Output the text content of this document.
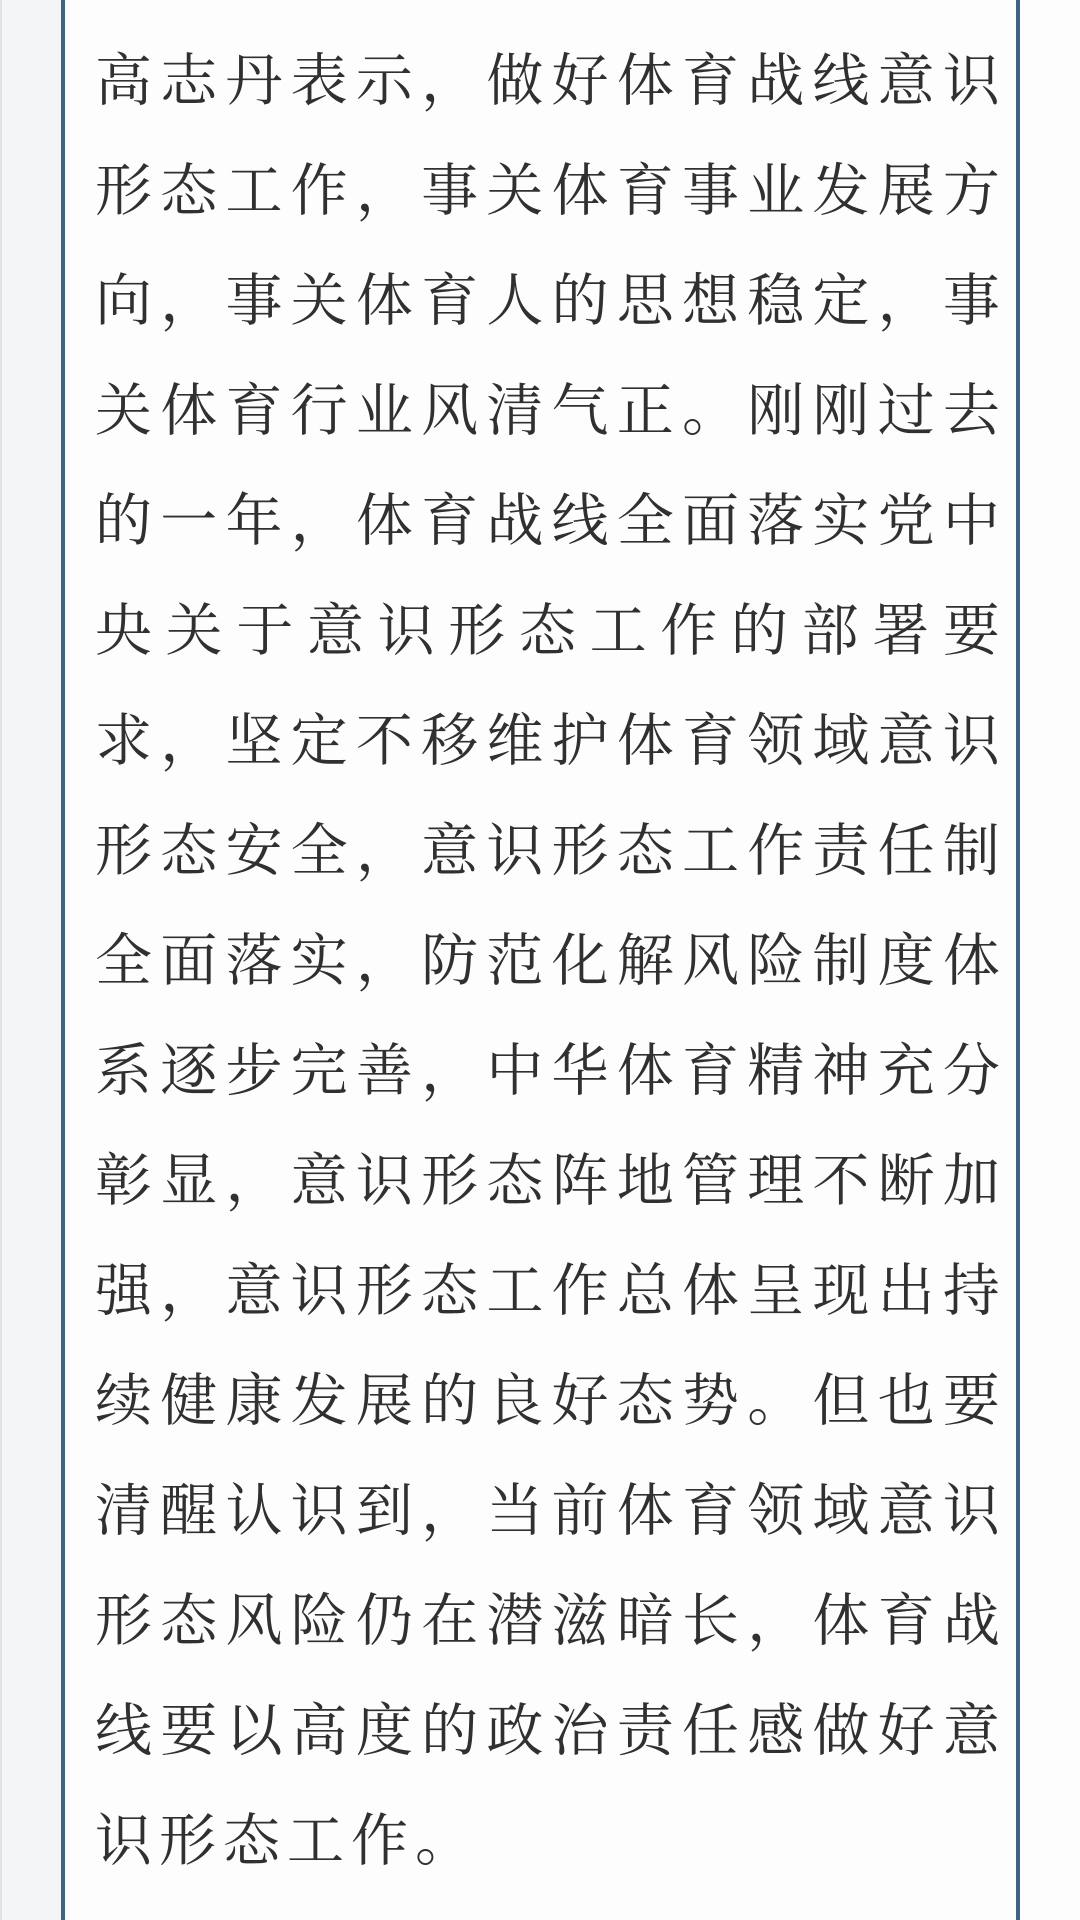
高 志 丹 表 示 ， 做 好 体 育 战 线 意 识
形 态 工 作 ， 事 关 体 育 事 业 发 展 方
向 ， 事 关 体 育 人 的 思 想 稳 定 ， 事
关 体 育 行 业 风 清 气 正 。 刚 刚 过 去
的 一 年 ， 体 育 战 线 全 面 落 实 党 中
央 关 于 意 识 形 态 工 作 的 部 署 要
求 ， 坚 定 不 移 维 护 体 育 领 域 意 识
形 态 安 全 ， 意 识 形 态 工 作 责 任 制
全 面 落 实 ， 防 范 化 解 风 险 制 度 体
系 逐 步 完 善 ， 中 华 体 育 精 神 充 分
彰 显 ， 意 识 形 态 阵 地 管 理 不 断 加
强 ， 意 识 形 态 工 作 总 体 呈 现 出 持
续 健 康 发 展 的 良 好 态 势 。 但 也 要
清 醒 认 识 到 ， 当 前 体 育 领 域 意 识
形 态 风 险 仍 在 潜 滋 暗 长 ， 体 育 战
线 要 以 高 度 的 政 治 责 任 感 做 好 意
识 形 态 工 作 。
